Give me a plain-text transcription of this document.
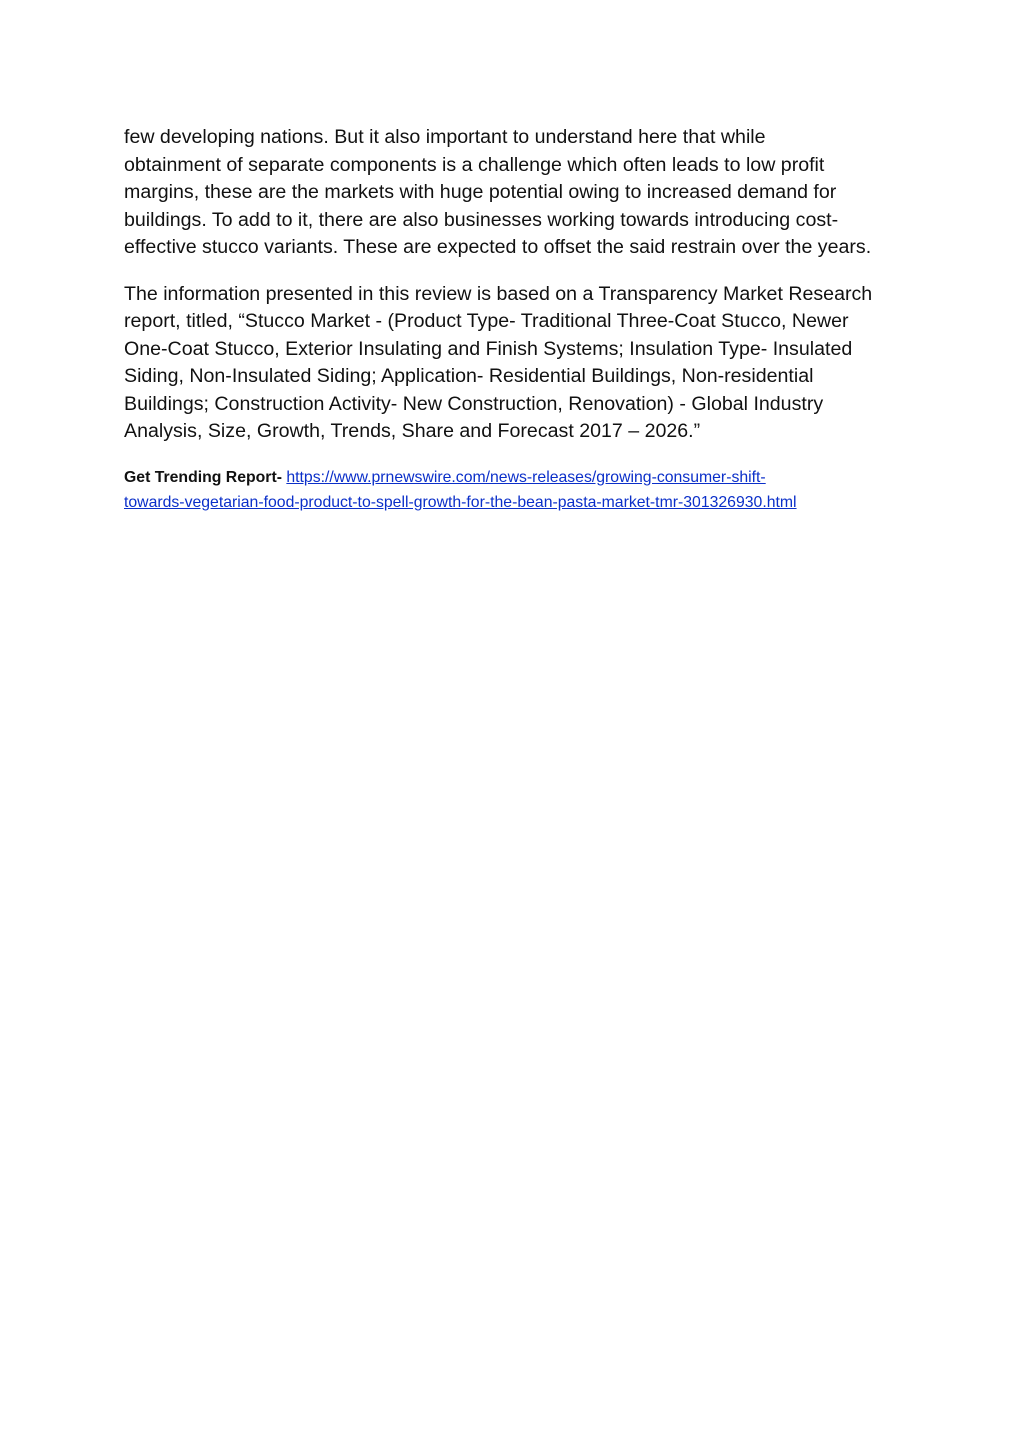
few developing nations. But it also important to understand here that while
obtainment of separate components is a challenge which often leads to low profit
margins, these are the markets with huge potential owing to increased demand for
buildings. To add to it, there are also businesses working towards introducing cost-
effective stucco variants. These are expected to offset the said restrain over the years.

The information presented in this review is based on a Transparency Market Research
report, titled, “Stucco Market - (Product Type- Traditional Three-Coat Stucco, Newer
One-Coat Stucco, Exterior Insulating and Finish Systems; Insulation Type- Insulated
Siding, Non-Insulated Siding; Application- Residential Buildings, Non-residential
Buildings; Construction Activity- New Construction, Renovation) - Global Industry
Analysis, Size, Growth, Trends, Share and Forecast 2017 – 2026.”

Get Trending Report- https://www.prnewswire.com/news-releases/growing-consumer-shift-
towards-vegetarian-food-product-to-spell-growth-for-the-bean-pasta-market-tmr-301326930.html
